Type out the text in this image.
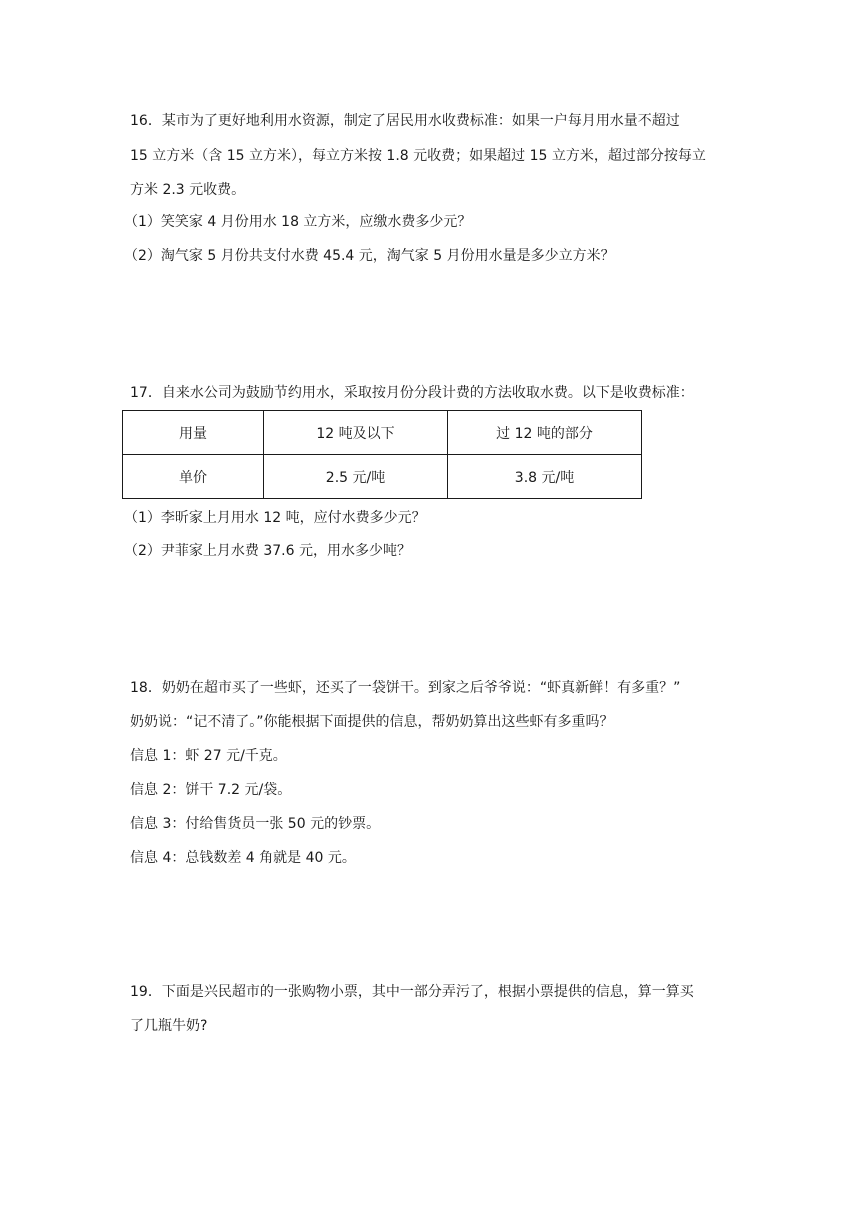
16．某市为了更好地利用水资源，制定了居民用水收费标准：如果一户每月用水量不超过
15 立方米（含 15 立方米），每立方米按 1.8 元收费；如果超过 15 立方米，超过部分按每立
方米 2.3 元收费。
（1）笑笑家 4 月份用水 18 立方米，应缴水费多少元？
（2）淘气家 5 月份共支付水费 45.4 元，淘气家 5 月份用水量是多少立方米？
17．自来水公司为鼓励节约用水，采取按月份分段计费的方法收取水费。以下是收费标准：
用量	12 吨及以下	过 12 吨的部分
单价	2.5 元/吨	3.8 元/吨
（1）李昕家上月用水 12 吨，应付水费多少元？
（2）尹菲家上月水费 37.6 元，用水多少吨？
18．奶奶在超市买了一些虾，还买了一袋饼干。到家之后爷爷说：“虾真新鲜！有多重？”
奶奶说：“记不清了。”你能根据下面提供的信息，帮奶奶算出这些虾有多重吗？
信息 1：虾 27 元/千克。
信息 2：饼干 7.2 元/袋。
信息 3：付给售货员一张 50 元的钞票。
信息 4：总钱数差 4 角就是 40 元。
19．下面是兴民超市的一张购物小票，其中一部分弄污了，根据小票提供的信息，算一算买
了几瓶牛奶?
